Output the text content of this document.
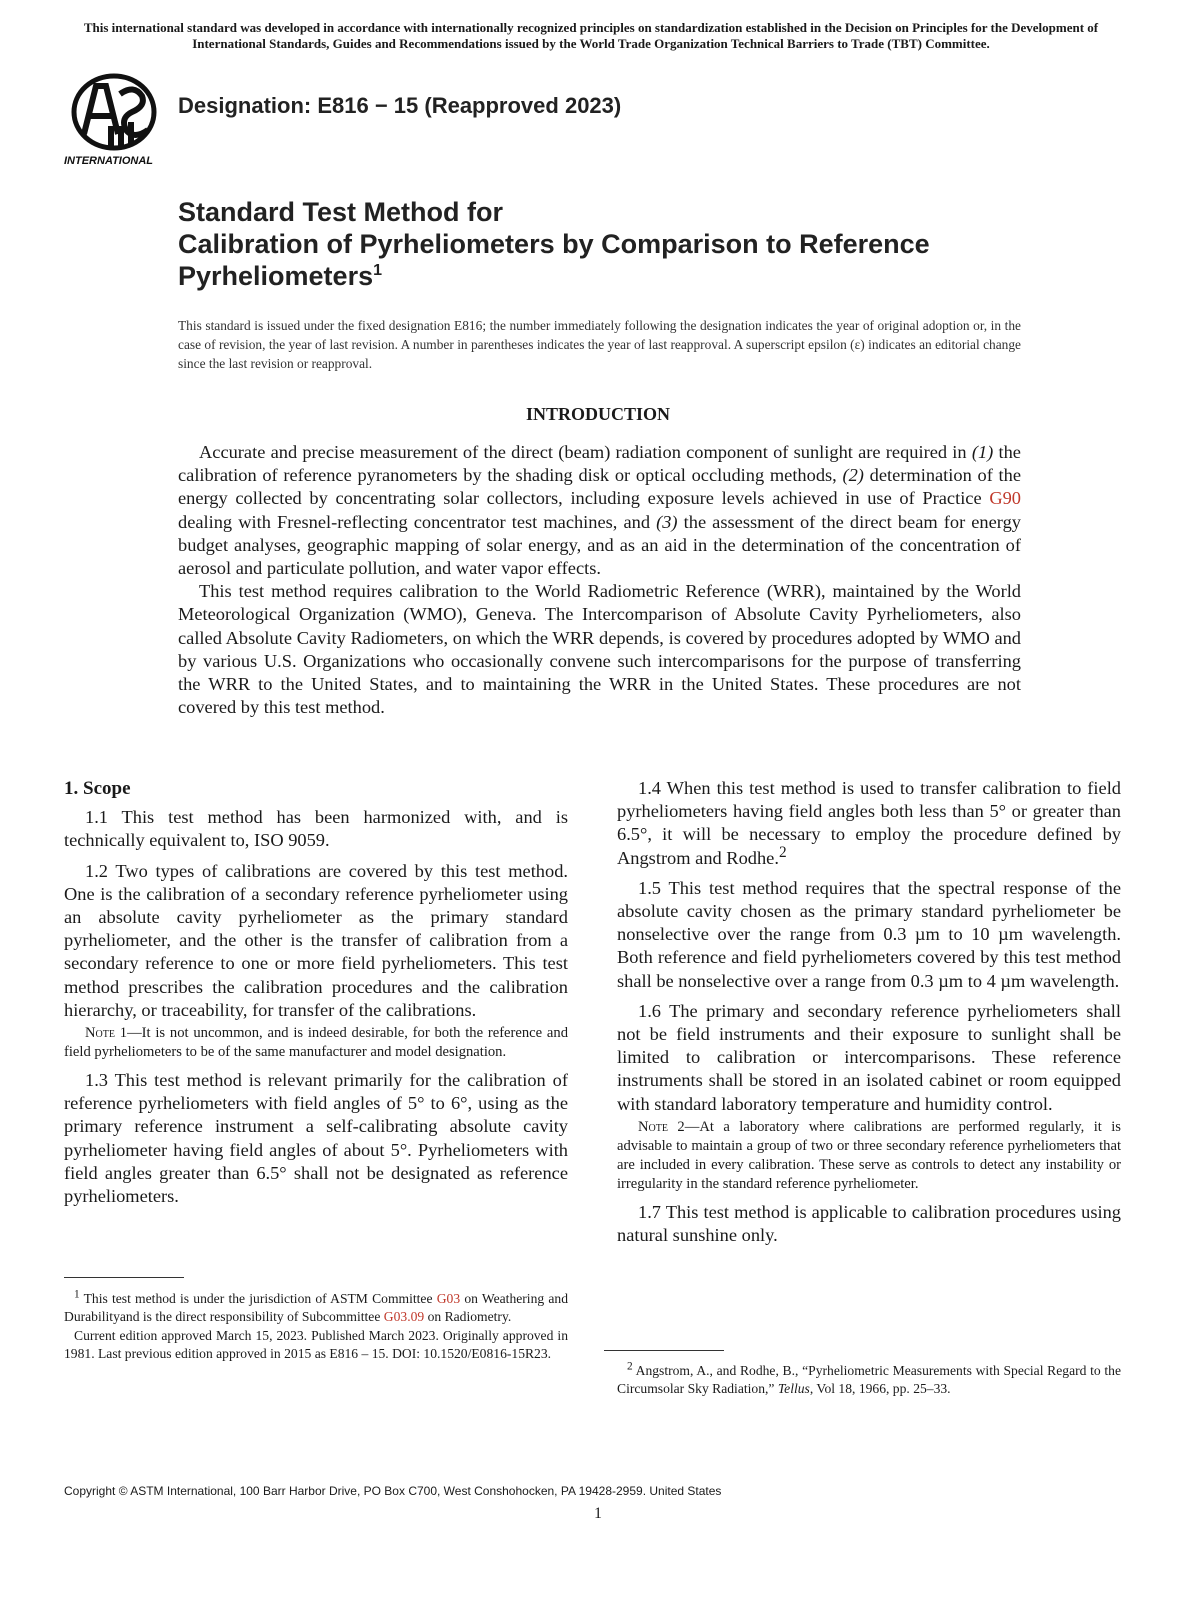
This international standard was developed in accordance with internationally recognized principles on standardization established in the Decision on Principles for the Development of International Standards, Guides and Recommendations issued by the World Trade Organization Technical Barriers to Trade (TBT) Committee.
INTERNATIONAL
Designation: E816 − 15 (Reapproved 2023)
Standard Test Method for
Calibration of Pyrheliometers by Comparison to Reference Pyrheliometers$^1$
This standard is issued under the fixed designation E816; the number immediately following the designation indicates the year of original adoption or, in the case of revision, the year of last revision. A number in parentheses indicates the year of last reapproval. A superscript epsilon (ε) indicates an editorial change since the last revision or reapproval.
INTRODUCTION

Accurate and precise measurement of the direct (beam) radiation component of sunlight are required in (1) the calibration of reference pyranometers by the shading disk or optical occluding methods, (2) determination of the energy collected by concentrating solar collectors, including exposure levels achieved in use of Practice G90 dealing with Fresnel-reflecting concentrator test machines, and (3) the assessment of the direct beam for energy budget analyses, geographic mapping of solar energy, and as an aid in the determination of the concentration of aerosol and particulate pollution, and water vapor effects.

This test method requires calibration to the World Radiometric Reference (WRR), maintained by the World Meteorological Organization (WMO), Geneva. The Intercomparison of Absolute Cavity Pyrheliometers, also called Absolute Cavity Radiometers, on which the WRR depends, is covered by procedures adopted by WMO and by various U.S. Organizations who occasionally convene such intercomparisons for the purpose of transferring the WRR to the United States, and to maintaining the WRR in the United States. These procedures are not covered by this test method.

1. Scope

1.1 This test method has been harmonized with, and is technically equivalent to, ISO 9059.

1.2 Two types of calibrations are covered by this test method. One is the calibration of a secondary reference pyrheliometer using an absolute cavity pyrheliometer as the primary standard pyrheliometer, and the other is the transfer of calibration from a secondary reference to one or more field pyrheliometers. This test method prescribes the calibration procedures and the calibration hierarchy, or traceability, for transfer of the calibrations.

Note 1—It is not uncommon, and is indeed desirable, for both the reference and field pyrheliometers to be of the same manufacturer and model designation.

1.3 This test method is relevant primarily for the calibration of reference pyrheliometers with field angles of 5° to 6°, using as the primary reference instrument a self-calibrating absolute cavity pyrheliometer having field angles of about 5°. Pyrheliometers with field angles greater than 6.5° shall not be designated as reference pyrheliometers.

1.4 When this test method is used to transfer calibration to field pyrheliometers having field angles both less than 5° or greater than 6.5°, it will be necessary to employ the procedure defined by Angstrom and Rodhe.$^2$

1.5 This test method requires that the spectral response of the absolute cavity chosen as the primary standard pyrheliometer be nonselective over the range from 0.3 µm to 10 µm wavelength. Both reference and field pyrheliometers covered by this test method shall be nonselective over a range from 0.3 µm to 4 µm wavelength.

1.6 The primary and secondary reference pyrheliometers shall not be field instruments and their exposure to sunlight shall be limited to calibration or intercomparisons. These reference instruments shall be stored in an isolated cabinet or room equipped with standard laboratory temperature and humidity control.

Note 2—At a laboratory where calibrations are performed regularly, it is advisable to maintain a group of two or three secondary reference pyrheliometers that are included in every calibration. These serve as controls to detect any instability or irregularity in the standard reference pyrheliometer.

1.7 This test method is applicable to calibration procedures using natural sunshine only.

$^1$ This test method is under the jurisdiction of ASTM Committee G03 on Weathering and Durabilityand is the direct responsibility of Subcommittee G03.09 on Radiometry.

Current edition approved March 15, 2023. Published March 2023. Originally approved in 1981. Last previous edition approved in 2015 as E816 – 15. DOI: 10.1520/E0816-15R23.

$^2$ Angstrom, A., and Rodhe, B., “Pyrheliometric Measurements with Special Regard to the Circumsolar Sky Radiation,” Tellus, Vol 18, 1966, pp. 25–33.

Copyright © ASTM International, 100 Barr Harbor Drive, PO Box C700, West Conshohocken, PA 19428-2959. United States
1
